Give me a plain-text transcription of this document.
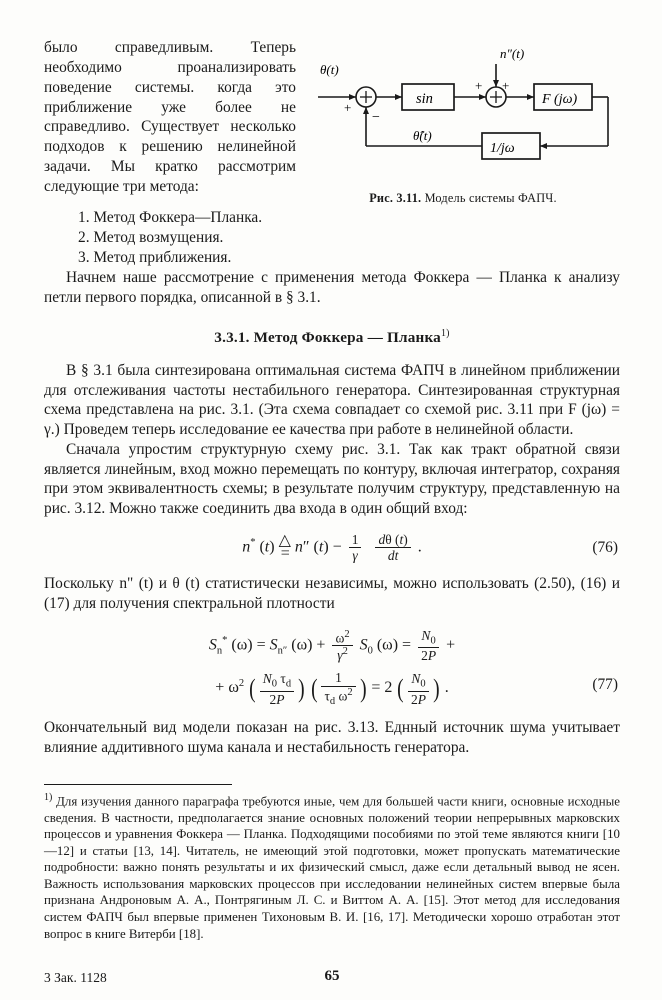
было справедливым. Теперь необходимо проанализировать поведение системы. когда это приближение уже более не справедливо. Существует несколько подходов к решению нелинейной задачи. Мы кратко рассмотрим следующие три метода:

θ(t)
+
−
sin
+ +
n″(t)
F (jω)
1/jω
θ̂(t)
Рис. 3.11. Модель системы ФАПЧ.

1. Метод Фоккера—Планка.

2. Метод возмущения.

3. Метод приближения.

Начнем наше рассмотрение с применения метода Фоккера — Планка к анализу петли первого порядка, описанной в § 3.1.

3.3.1. Метод Фоккера — Планка$^{1)}$

В § 3.1 была синтезирована оптимальная система ФАПЧ в линейном приближении для отслеживания частоты нестабильного генератора. Синтезированная структурная схема представлена на рис. 3.1. (Эта схема совпадает со схемой рис. 3.11 при F (jω) = γ.) Проведем теперь исследование ее качества при работе в нелинейной области.

Сначала упростим структурную схему рис. 3.1. Так как тракт обратной связи является линейным, вход можно перемещать по контуру, включая интегратор, сохраняя при этом эквивалентность схемы; в результате получим структуру, представленную на рис. 3.12. Можно также соединить два входа в один общий вход:

n* (t) △
= n″ $(t) - \frac{1}{\gamma}$
$\frac{d\theta (t)}{dt}$ .	(76)

Поскольку n" (t) и θ (t) статистически независимы, можно использовать (2.50), (16) и (17) для получения спектральной плотности

$S_n^*$ $(\omega) = S_{n''}$ $(\omega) + \frac{\omega^2}{\gamma^2} S_0$ $(\omega) = \frac{N_0}{2P}$ +
+ $\omega^2$ ( $\frac{N_0 \tau_d}{2P}$ ) ( $\frac{1}{\tau_d \omega^2}$ ) = 2 ( $\frac{N_0}{2P}$ ) .	(77)

Окончательный вид модели показан на рис. 3.13. Еднный источник шума учитывает влияние аддитивного шума канала и нестабильность генератора.

$^{1)}$ Для изучения данного параграфа требуются иные, чем для большей части книги, основные исходные сведения. В частности, предполагается знание основных положений теории непрерывных марковских процессов и уравнения Фоккера — Планка. Подходящими пособиями по этой теме являются книги [10—12] и статьи [13, 14]. Читатель, не имеющий этой подготовки, может пропускать математические подробности: важно понять результаты и их физический смысл, даже если детальный вывод не ясен. Важность использования марковских процессов при исследовании нелинейных систем впервые была признана Андроновым А. А., Понтрягиным Л. С. и Виттом А. А. [15]. Этот метод для исследования систем ФАПЧ был впервые применен Тихоновым В. И. [16, 17]. Методически хорошо отработан этот вопрос в книге Витерби [18].

3 Зак. 1128	65
